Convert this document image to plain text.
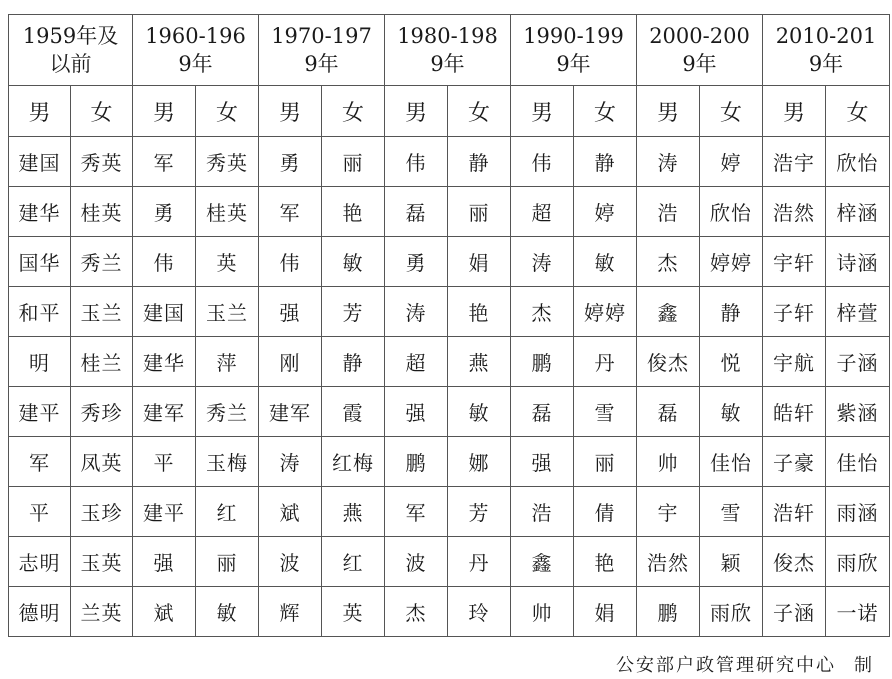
1959年及以前		1960-1969年		1970-1979年		1980-1989年		1990-1999年		2000-2009年		2010-2019年	
男	女	男	女	男	女	男	女	男	女	男	女	男	女
建国	秀英	军	秀英	勇	丽	伟	静	伟	静	涛	婷	浩宇	欣怡
建华	桂英	勇	桂英	军	艳	磊	丽	超	婷	浩	欣怡	浩然	梓涵
国华	秀兰	伟	英	伟	敏	勇	娟	涛	敏	杰	婷婷	宇轩	诗涵
和平	玉兰	建国	玉兰	强	芳	涛	艳	杰	婷婷	鑫	静	子轩	梓萱
明	桂兰	建华	萍	刚	静	超	燕	鹏	丹	俊杰	悦	宇航	子涵
建平	秀珍	建军	秀兰	建军	霞	强	敏	磊	雪	磊	敏	皓轩	紫涵
军	凤英	平	玉梅	涛	红梅	鹏	娜	强	丽	帅	佳怡	子豪	佳怡
平	玉珍	建平	红	斌	燕	军	芳	浩	倩	宇	雪	浩轩	雨涵
志明	玉英	强	丽	波	红	波	丹	鑫	艳	浩然	颖	俊杰	雨欣
德明	兰英	斌	敏	辉	英	杰	玲	帅	娟	鹏	雨欣	子涵	一诺
公安部户政管理研究中心 制
